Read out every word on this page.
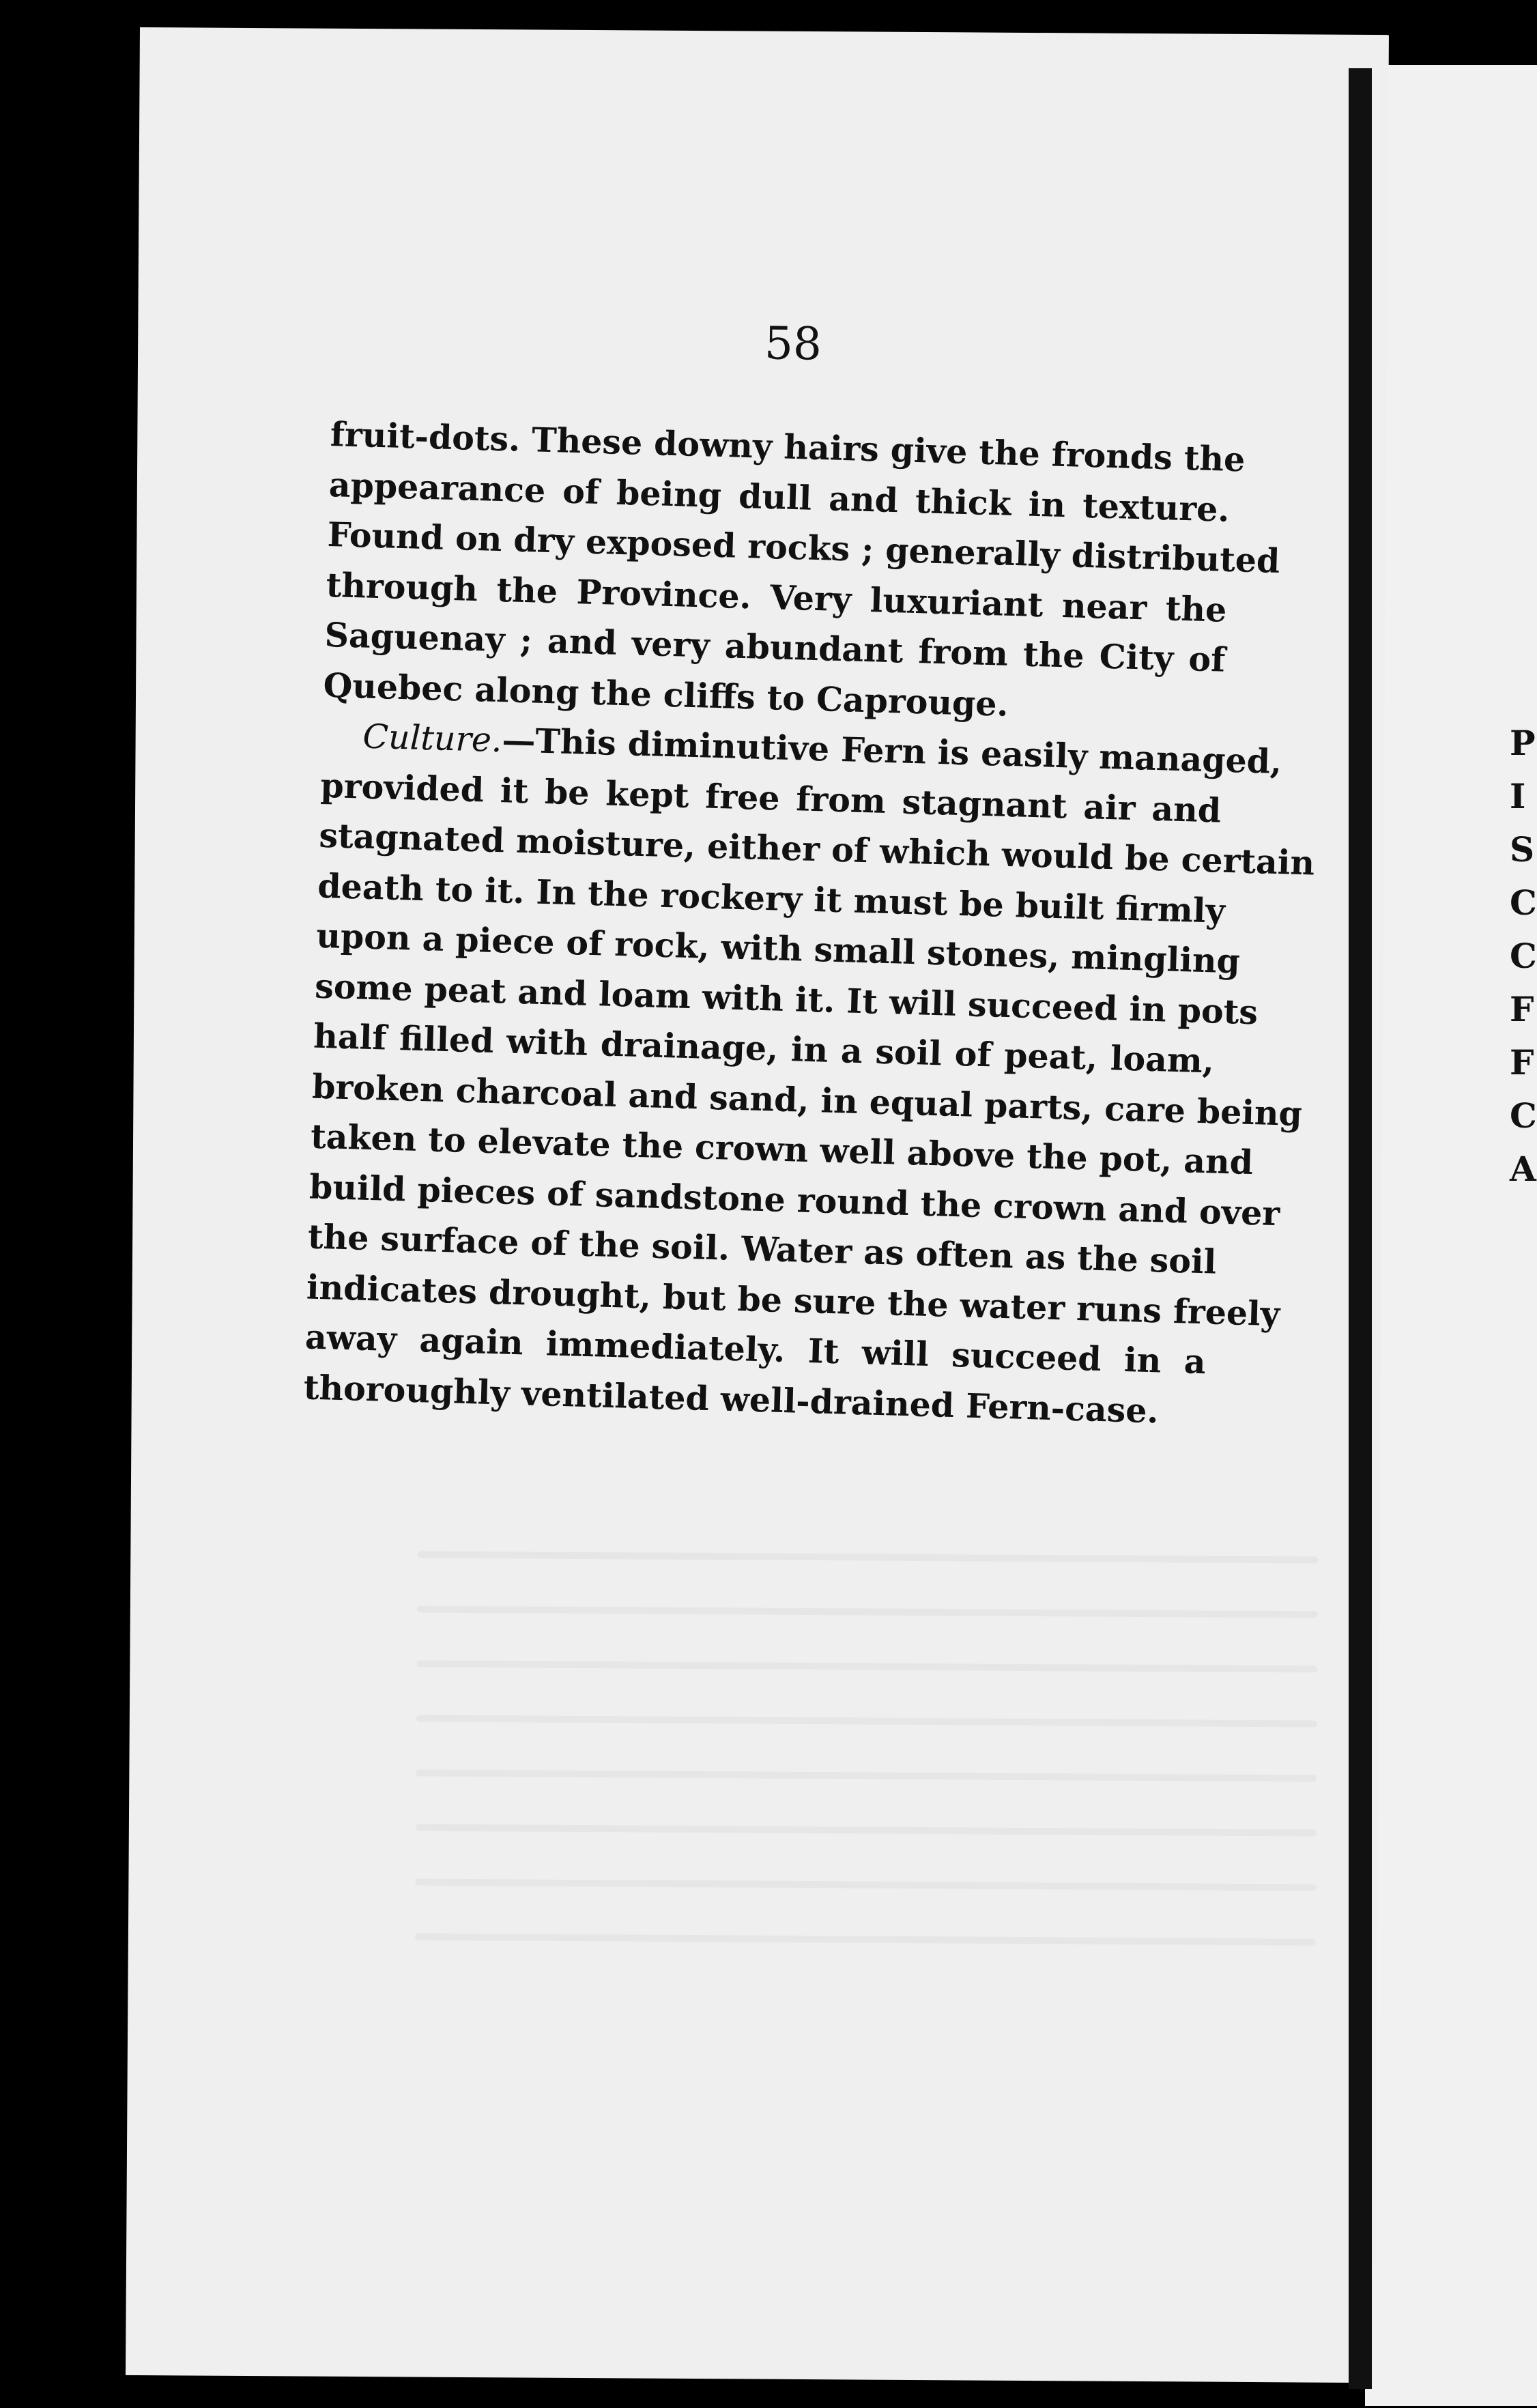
P
I
S
C
C
F
F
C
A
58
fruit-dots. These downy hairs give the fronds the
appearance of being dull and thick in texture.
Found on dry exposed rocks ; generally distributed
through the Province. Very luxuriant near the
Saguenay ; and very abundant from the City of
Quebec along the cliffs to Caprouge.
Culture.—This diminutive Fern is easily managed,
provided it be kept free from stagnant air and
stagnated moisture, either of which would be certain
death to it. In the rockery it must be built firmly
upon a piece of rock, with small stones, mingling
some peat and loam with it. It will succeed in pots
half filled with drainage, in a soil of peat, loam,
broken charcoal and sand, in equal parts, care being
taken to elevate the crown well above the pot, and
build pieces of sandstone round the crown and over
the surface of the soil. Water as often as the soil
indicates drought, but be sure the water runs freely
away again immediately. It will succeed in a
thoroughly ventilated well-drained Fern-case.
